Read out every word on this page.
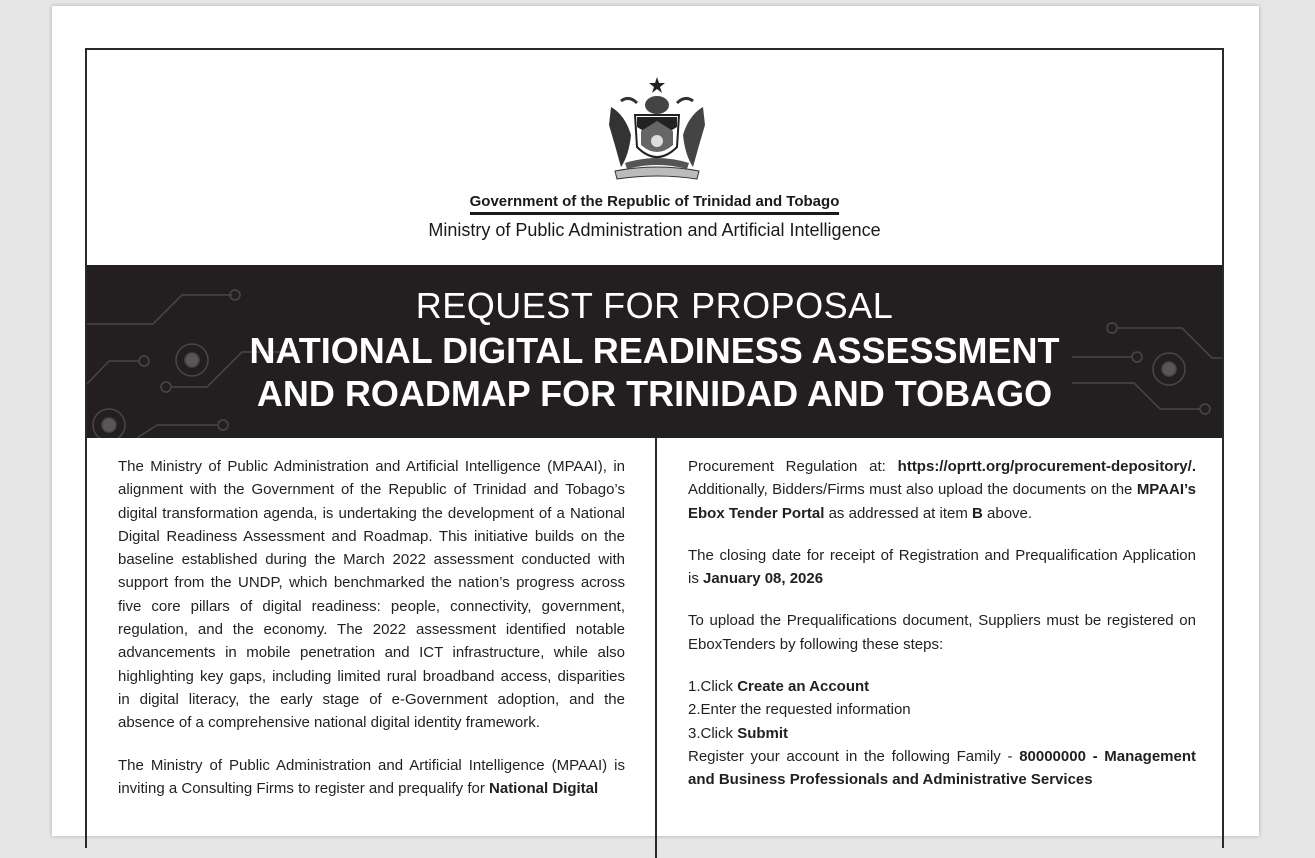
Government of the Republic of Trinidad and Tobago
Ministry of Public Administration and Artificial Intelligence
REQUEST FOR PROPOSAL
NATIONAL DIGITAL READINESS ASSESSMENT
AND ROADMAP FOR TRINIDAD AND TOBAGO

The Ministry of Public Administration and Artificial Intelligence (MPAAI), in alignment with the Government of the Republic of Trinidad and Tobago’s digital transformation agenda, is undertaking the development of a National Digital Readiness Assessment and Roadmap. This initiative builds on the baseline established during the March 2022 assessment conducted with support from the UNDP, which benchmarked the nation’s progress across five core pillars of digital readiness: people, connectivity, government, regulation, and the economy. The 2022 assessment identified notable advancements in mobile penetration and ICT infrastructure, while also highlighting key gaps, including limited rural broadband access, disparities in digital literacy, the early stage of e-Government adoption, and the absence of a comprehensive national digital identity framework.

The Ministry of Public Administration and Artificial Intelligence (MPAAI) is inviting a Consulting Firms to register and prequalify for National Digital

Procurement Regulation at: https://oprtt.org/procurement-depository/. Additionally, Bidders/Firms must also upload the documents on the MPAAI’s Ebox Tender Portal as addressed at item B above.

The closing date for receipt of Registration and Prequalification Application is January 08, 2026

To upload the Prequalifications document, Suppliers must be registered on EboxTenders by following these steps:

1.Click Create an Account

2.Enter the requested information

3.Click Submit

Register your account in the following Family - 80000000 - Management and Business Professionals and Administrative Services
